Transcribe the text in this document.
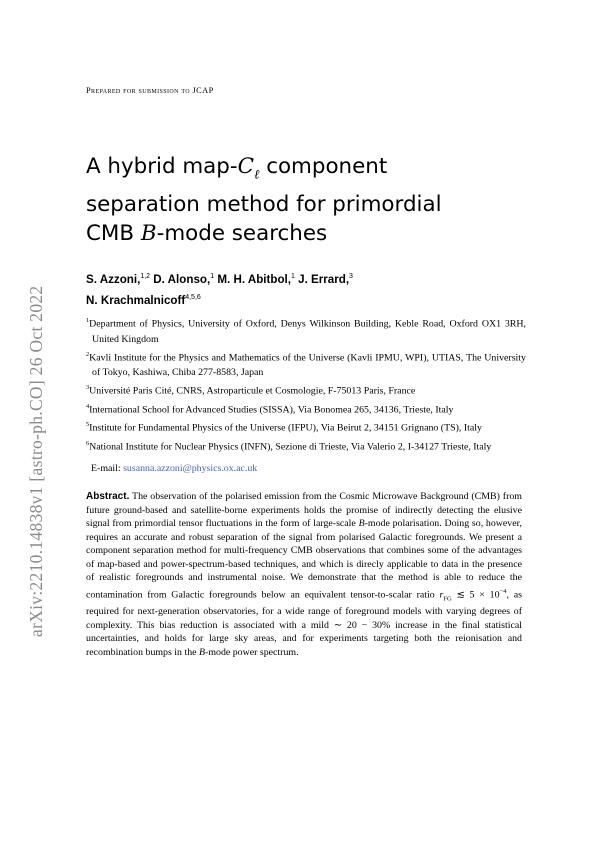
arXiv:2210.14838v1 [astro-ph.CO] 26 Oct 2022
Prepared for submission to JCAP
A hybrid map-$C_\ell$ component
separation method for primordial
CMB B-mode searches
S. Azzoni,$^{1,2}$ D. Alonso,$^1$ M. H. Abitbol,$^1$ J. Errard,$^3$
N. Krachmalnicoff$^{4,5,6}$
$^1$Department of Physics, University of Oxford, Denys Wilkinson Building, Keble Road, Oxford OX1 3RH, United Kingdom
$^2$Kavli Institute for the Physics and Mathematics of the Universe (Kavli IPMU, WPI), UTIAS, The University of Tokyo, Kashiwa, Chiba 277-8583, Japan
$^3$Université Paris Cité, CNRS, Astroparticule et Cosmologie, F-75013 Paris, France
$^4$International School for Advanced Studies (SISSA), Via Bonomea 265, 34136, Trieste, Italy
$^5$Institute for Fundamental Physics of the Universe (IFPU), Via Beirut 2, 34151 Grignano (TS), Italy
$^6$National Institute for Nuclear Physics (INFN), Sezione di Trieste, Via Valerio 2, I-34127 Trieste, Italy
E-mail: susanna.azzoni@physics.ox.ac.uk
Abstract. The observation of the polarised emission from the Cosmic Microwave Background (CMB) from future ground-based and satellite-borne experiments holds the promise of indirectly detecting the elusive signal from primordial tensor fluctuations in the form of large-scale B-mode polarisation. Doing so, however, requires an accurate and robust separation of the signal from polarised Galactic foregrounds. We present a component separation method for multi-frequency CMB observations that combines some of the advantages of map-based and power-spectrum-based techniques, and which is direcly applicable to data in the presence of realistic foregrounds and instrumental noise. We demonstrate that the method is able to reduce the contamination from Galactic foregrounds below an equivalent tensor-to-scalar ratio $r_{FG}$ ≲ $5 \times 10^{-4}$, as required for next-generation observatories, for a wide range of foreground models with varying degrees of complexity. This bias reduction is associated with a mild ∼ 20 − 30% increase in the final statistical uncertainties, and holds for large sky areas, and for experiments targeting both the reionisation and recombination bumps in the B-mode power spectrum.
